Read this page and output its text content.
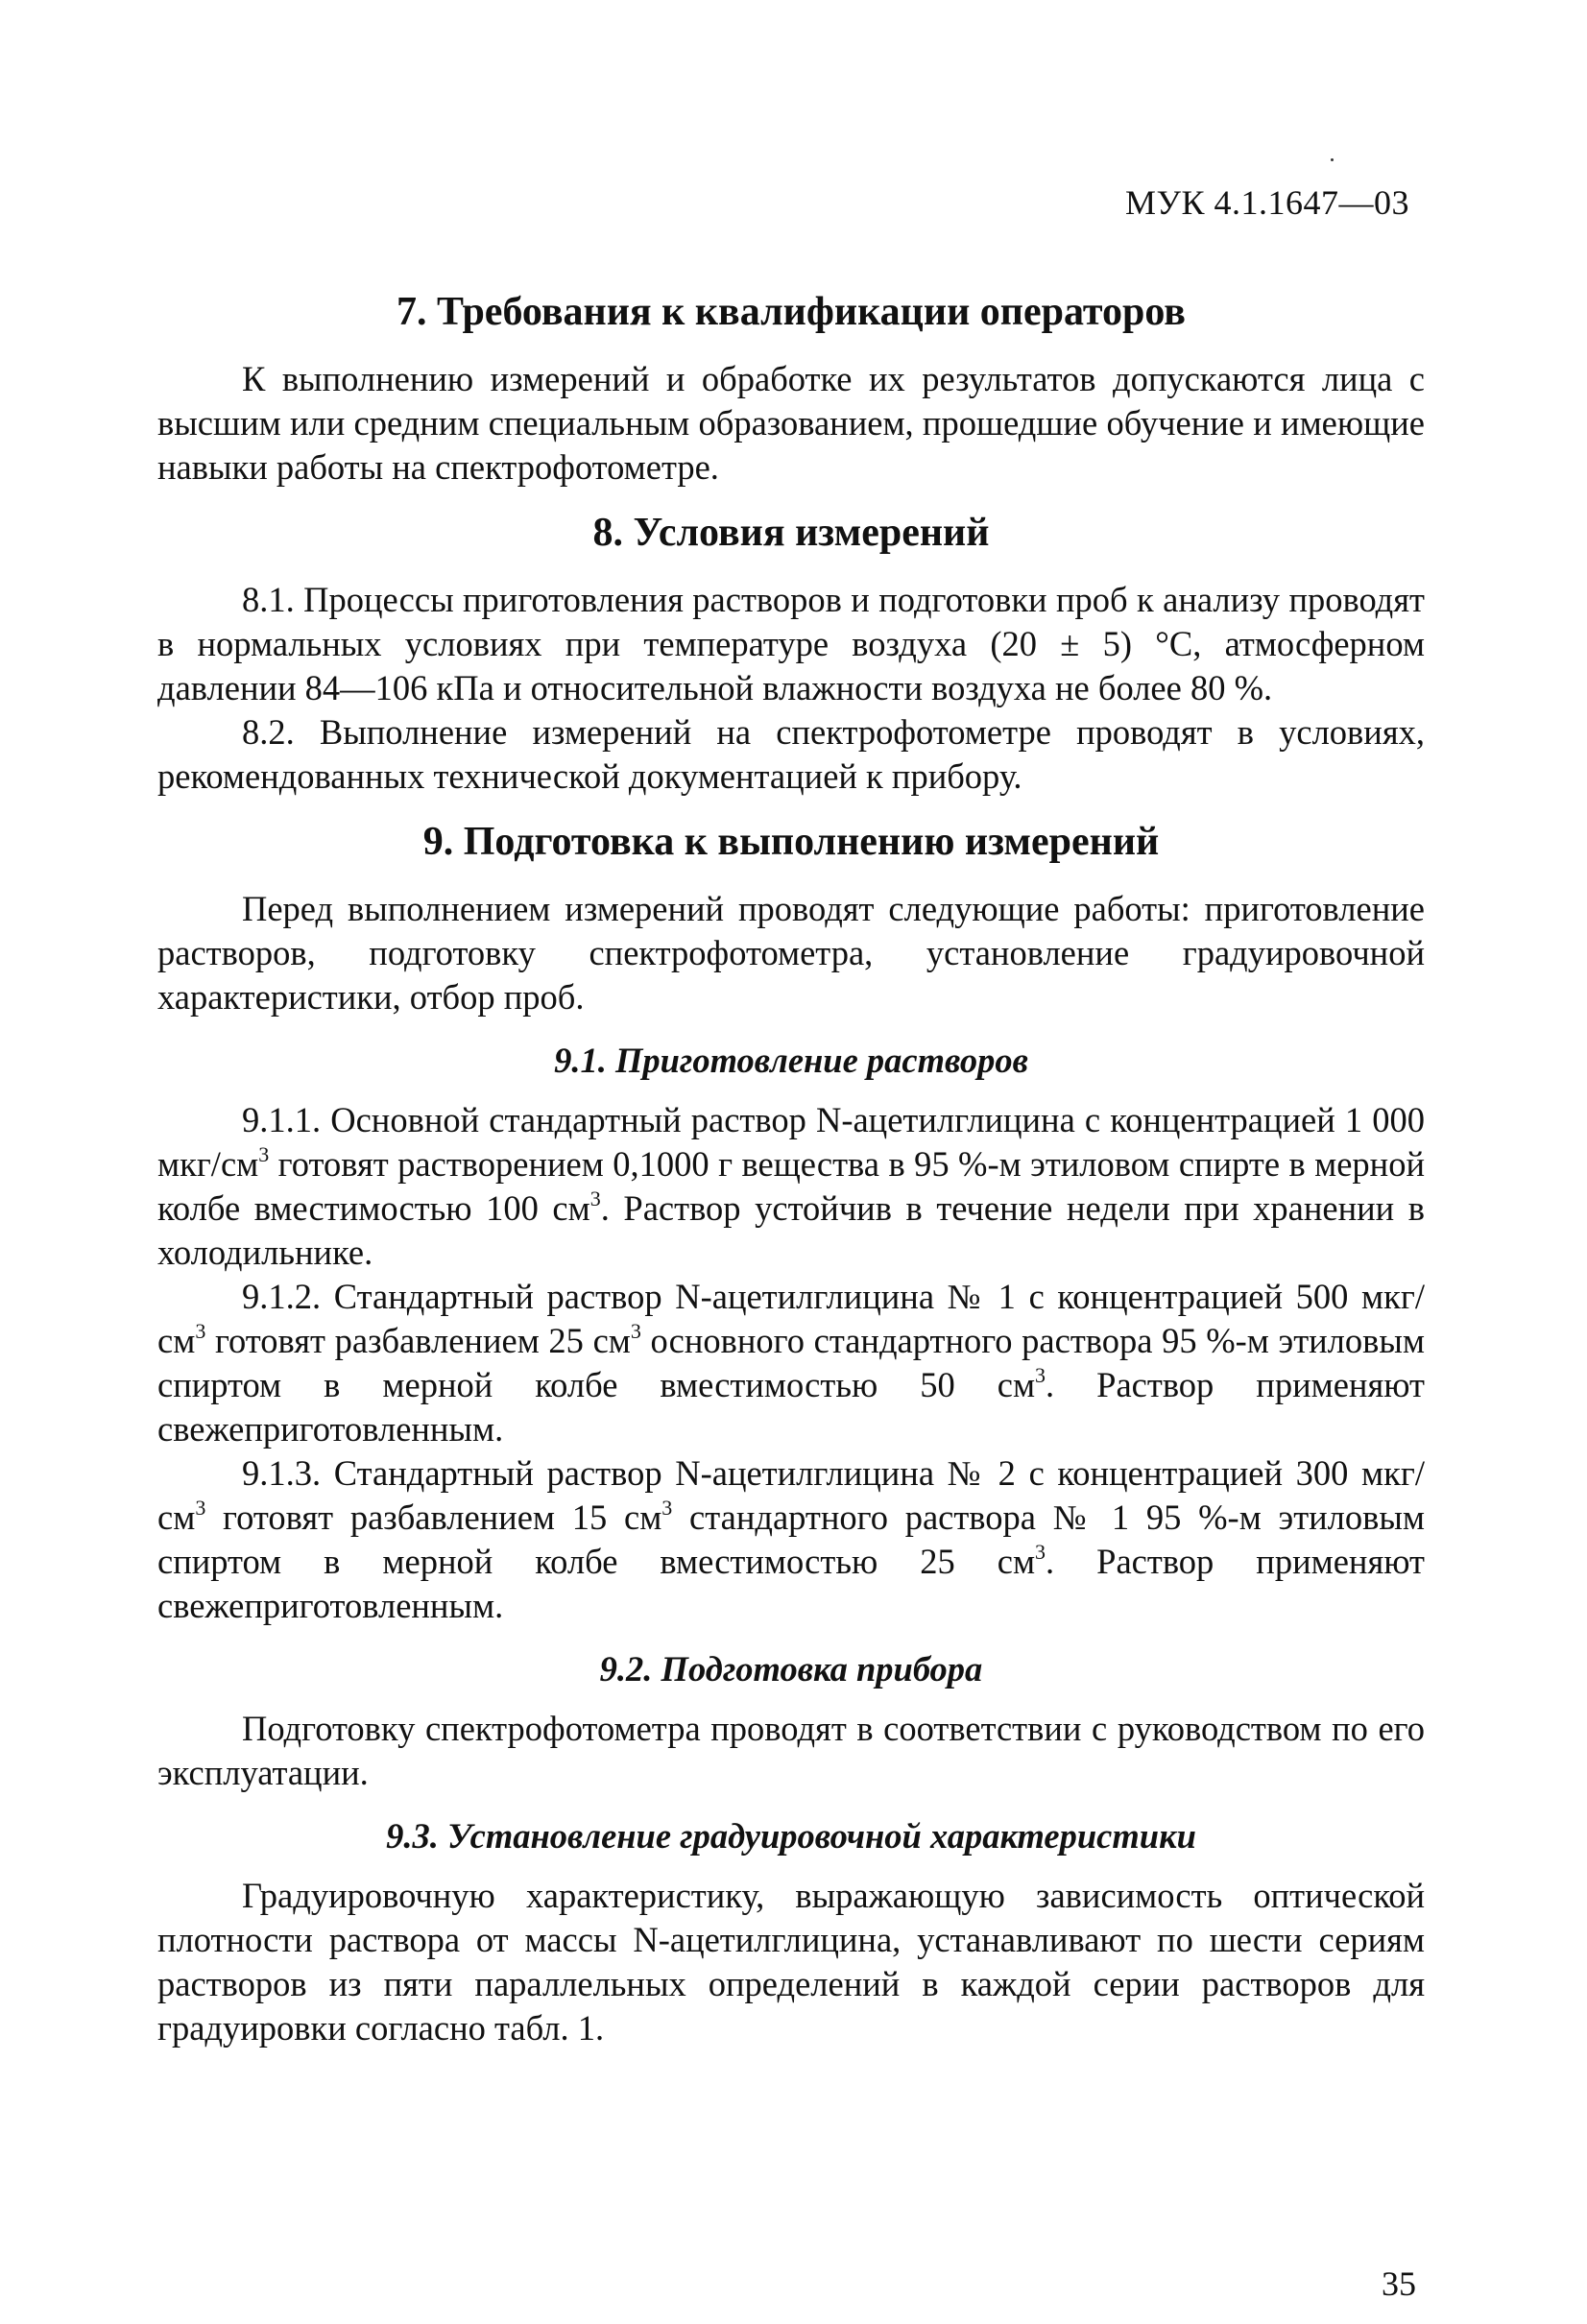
МУК 4.1.1647—03
7. Требования к квалификации операторов

К выполнению измерений и обработке их результатов допускаются лица с высшим или средним специальным образованием, прошедшие обучение и имеющие навыки работы на спектрофотометре.

8. Условия измерений

8.1. Процессы приготовления растворов и подготовки проб к анализу проводят в нормальных условиях при температуре воздуха (20 ± 5) °С, атмосферном давлении 84—106 кПа и относительной влажности воздуха не более 80 %.

8.2. Выполнение измерений на спектрофотометре проводят в условиях, рекомендованных технической документацией к прибору.

9. Подготовка к выполнению измерений

Перед выполнением измерений проводят следующие работы: приготовление растворов, подготовку спектрофотометра, установление градуировочной характеристики, отбор проб.

9.1. Приготовление растворов

9.1.1. Основной стандартный раствор N-ацетилглицина с концентрацией 1 000 мкг/$см^3$ готовят растворением 0,1000 г вещества в 95 %-м этиловом спирте в мерной колбе вместимостью 100 $см^3$. Раствор устойчив в течение недели при хранении в холодильнике.

9.1.2. Стандартный раствор N-ацетилглицина № 1 с концентрацией 500 мкг/$см^3$ готовят разбавлением 25 $см^3$ основного стандартного раствора 95 %-м этиловым спиртом в мерной колбе вместимостью 50 $см^3$. Раствор применяют свежеприготовленным.

9.1.3. Стандартный раствор N-ацетилглицина № 2 с концентрацией 300 мкг/$см^3$ готовят разбавлением 15 $см^3$ стандартного раствора № 1 95 %-м этиловым спиртом в мерной колбе вместимостью 25 $см^3$. Раствор применяют свежеприготовленным.

9.2. Подготовка прибора

Подготовку спектрофотометра проводят в соответствии с руководством по его эксплуатации.

9.3. Установление градуировочной характеристики

Градуировочную характеристику, выражающую зависимость оптической плотности раствора от массы N-ацетилглицина, устанавливают по шести сериям растворов из пяти параллельных определений в каждой серии растворов для градуировки согласно табл. 1.

35
